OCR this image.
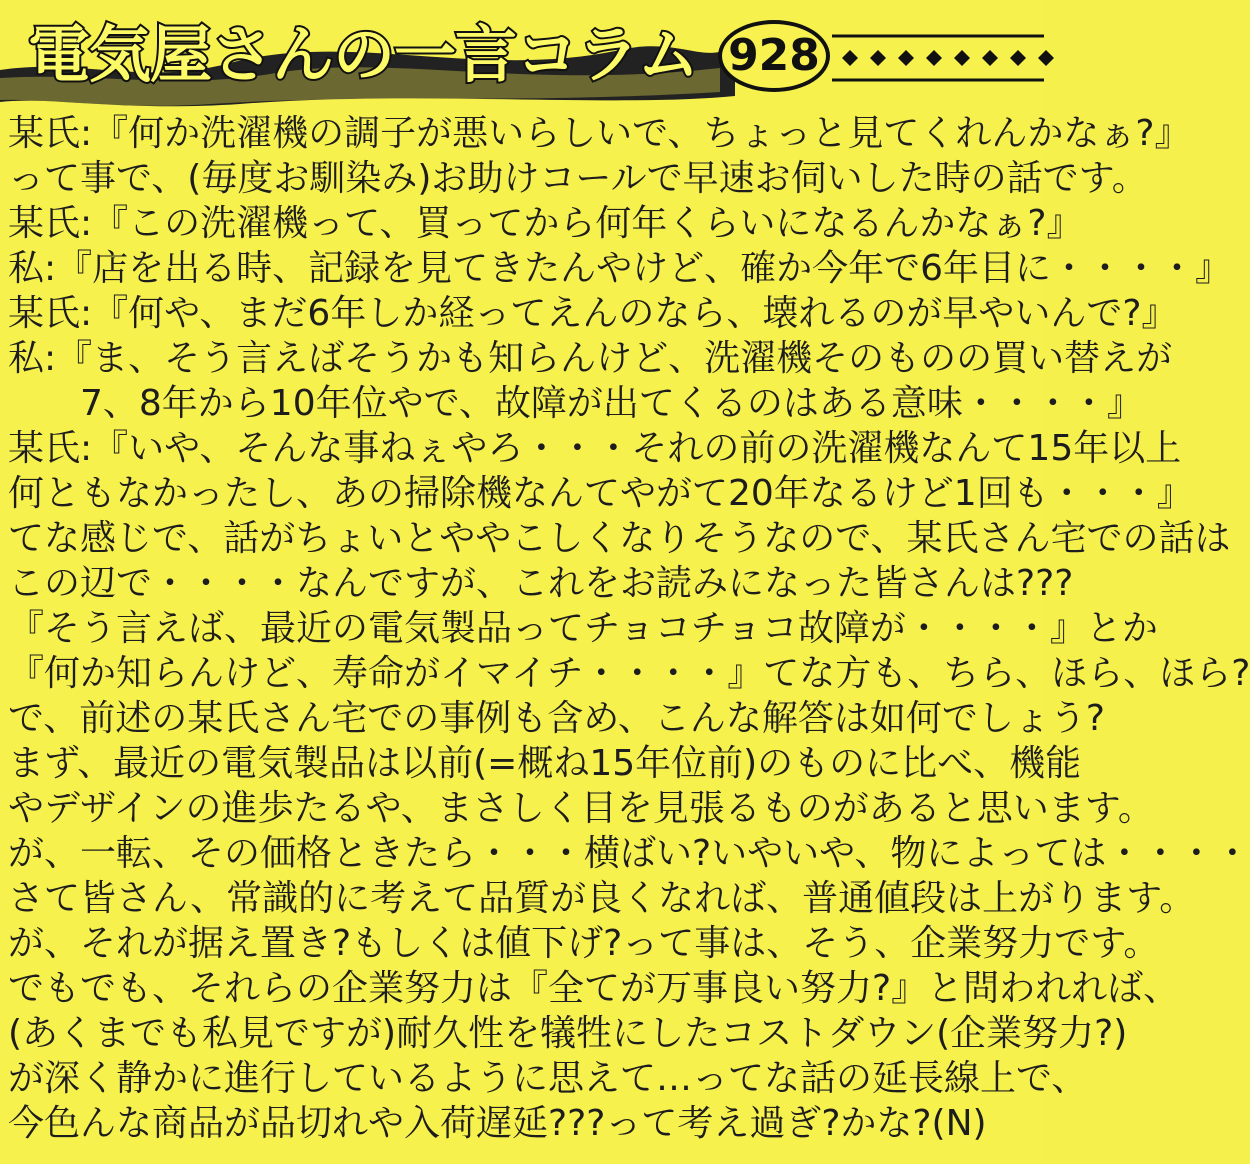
電気屋さんの一言コラム 928
某氏:『何か洗濯機の調子が悪いらしいで、ちょっと見てくれんかなぁ?』
って事で、(毎度お馴染み)お助けコールで早速お伺いした時の話です。
某氏:『この洗濯機って、買ってから何年くらいになるんかなぁ?』
私:『店を出る時、記録を見てきたんやけど、確か今年で6年目に・・・・』
某氏:『何や、まだ6年しか経ってえんのなら、壊れるのが早やいんで?』
私:『ま、そう言えばそうかも知らんけど、洗濯機そのものの買い替えが
　　7、8年から10年位やで、故障が出てくるのはある意味・・・・』
某氏:『いや、そんな事ねぇやろ・・・それの前の洗濯機なんて15年以上
何ともなかったし、あの掃除機なんてやがて20年なるけど1回も・・・』
てな感じで、話がちょいとややこしくなりそうなので、某氏さん宅での話は
この辺で・・・・なんですが、これをお読みになった皆さんは???
『そう言えば、最近の電気製品ってチョコチョコ故障が・・・・』とか
『何か知らんけど、寿命がイマイチ・・・・』てな方も、ちら、ほら、ほら?
で、前述の某氏さん宅での事例も含め、こんな解答は如何でしょう?
まず、最近の電気製品は以前(=概ね15年位前)のものに比べ、機能
やデザインの進歩たるや、まさしく目を見張るものがあると思います。
が、一転、その価格ときたら・・・横ばい?いやいや、物によっては・・・・
さて皆さん、常識的に考えて品質が良くなれば、普通値段は上がります。
が、それが据え置き?もしくは値下げ?って事は、そう、企業努力です。
でもでも、それらの企業努力は『全てが万事良い努力?』と問われれば、
(あくまでも私見ですが)耐久性を犠牲にしたコストダウン(企業努力?)
が深く静かに進行しているように思えて…ってな話の延長線上で、
今色んな商品が品切れや入荷遅延???って考え過ぎ?かな?(N)
